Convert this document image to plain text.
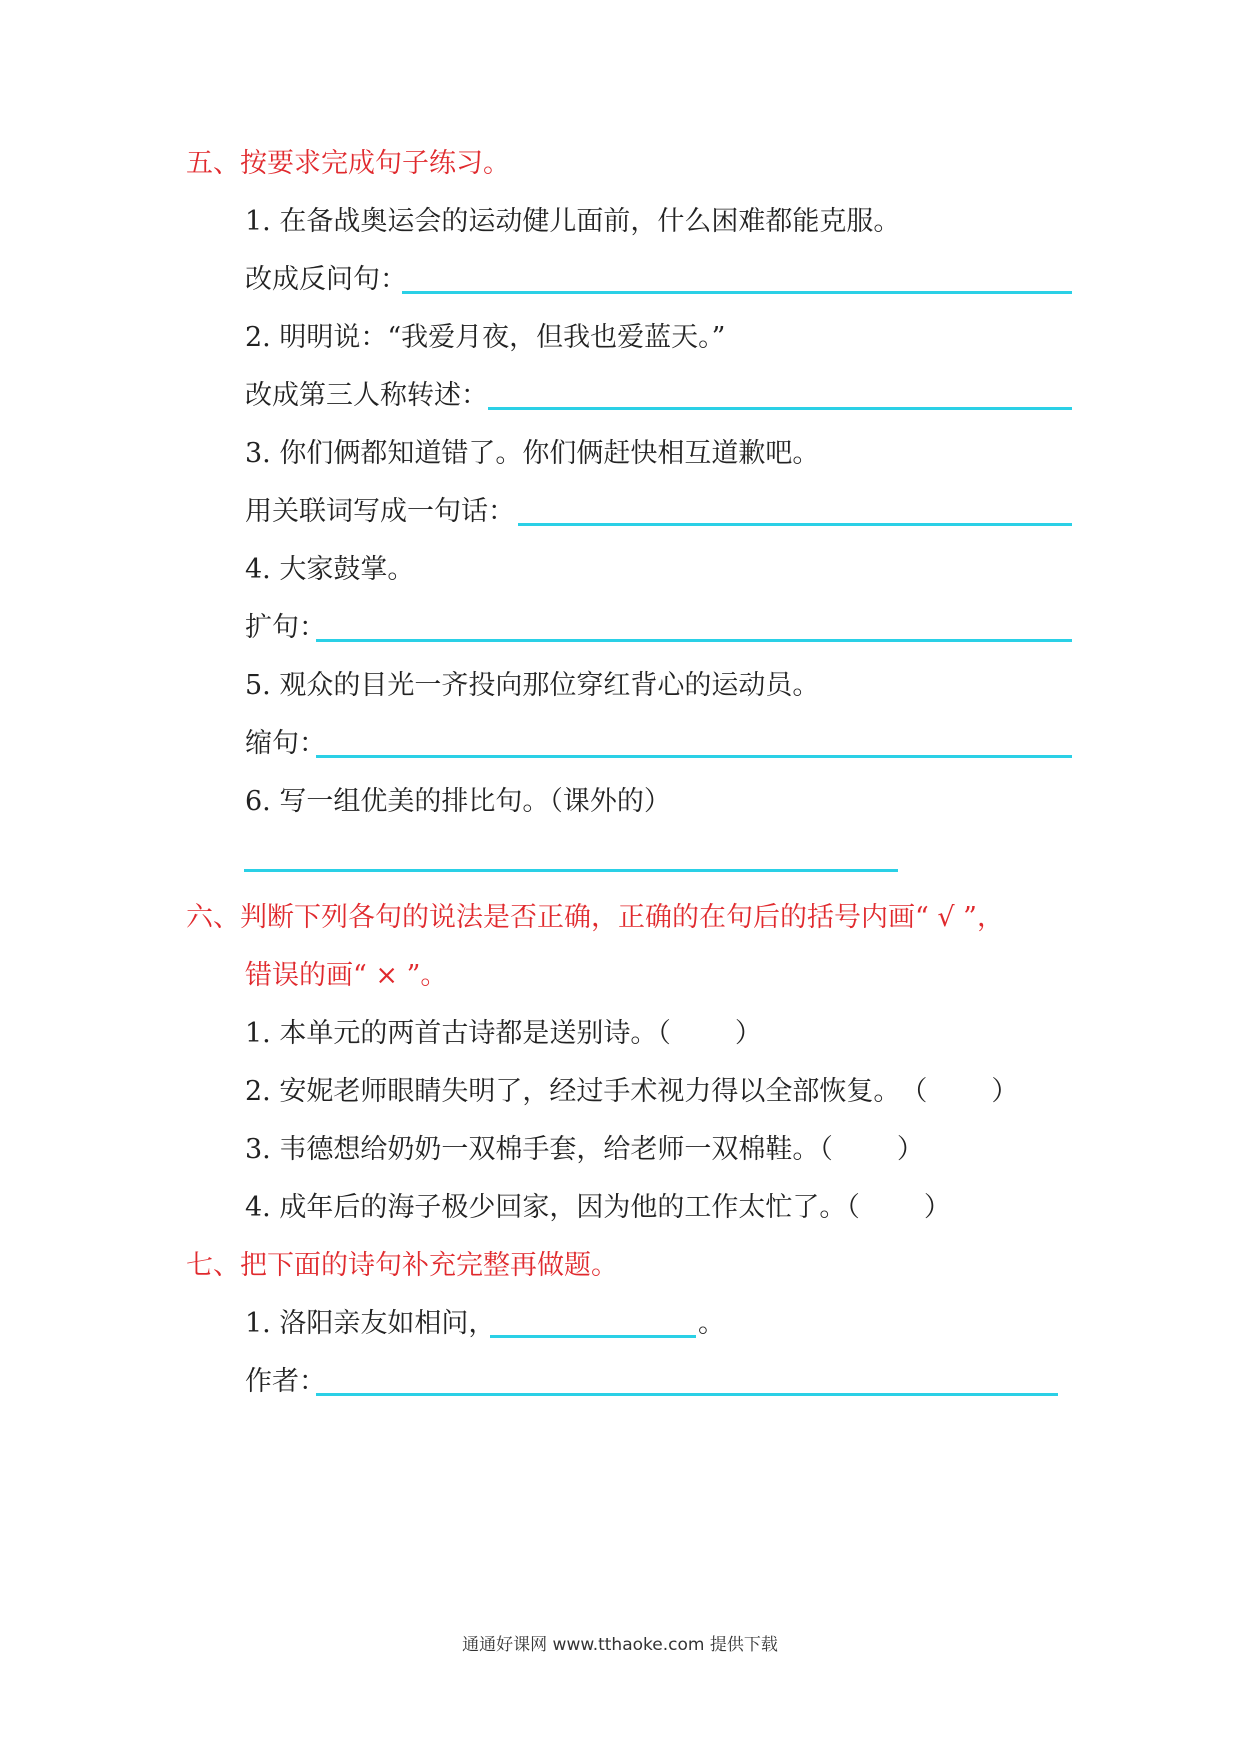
五、按要求完成句子练习。
1. 在备战奥运会的运动健儿面前，什么困难都能克服。
改成反问句：
2. 明明说：“我爱月夜，但我也爱蓝天。”
改成第三人称转述：
3. 你们俩都知道错了。你们俩赶快相互道歉吧。
用关联词写成一句话：
4. 大家鼓掌。
扩句：
5. 观众的目光一齐投向那位穿红背心的运动员。
缩句：
6. 写一组优美的排比句。（课外的）
六、判断下列各句的说法是否正确，正确的在句后的括号内画“ √ ”，
错误的画“ × ”。
1. 本单元的两首古诗都是送别诗。（ ）
2. 安妮老师眼睛失明了，经过手术视力得以全部恢复。　（ ）
3. 韦德想给奶奶一双棉手套，给老师一双棉鞋。（ ）
4. 成年后的海子极少回家，因为他的工作太忙了。（ ）
七、把下面的诗句补充完整再做题。
1. 洛阳亲友如相问，	。
作者：
通通好课网 www.tthaoke.com 提供下载
